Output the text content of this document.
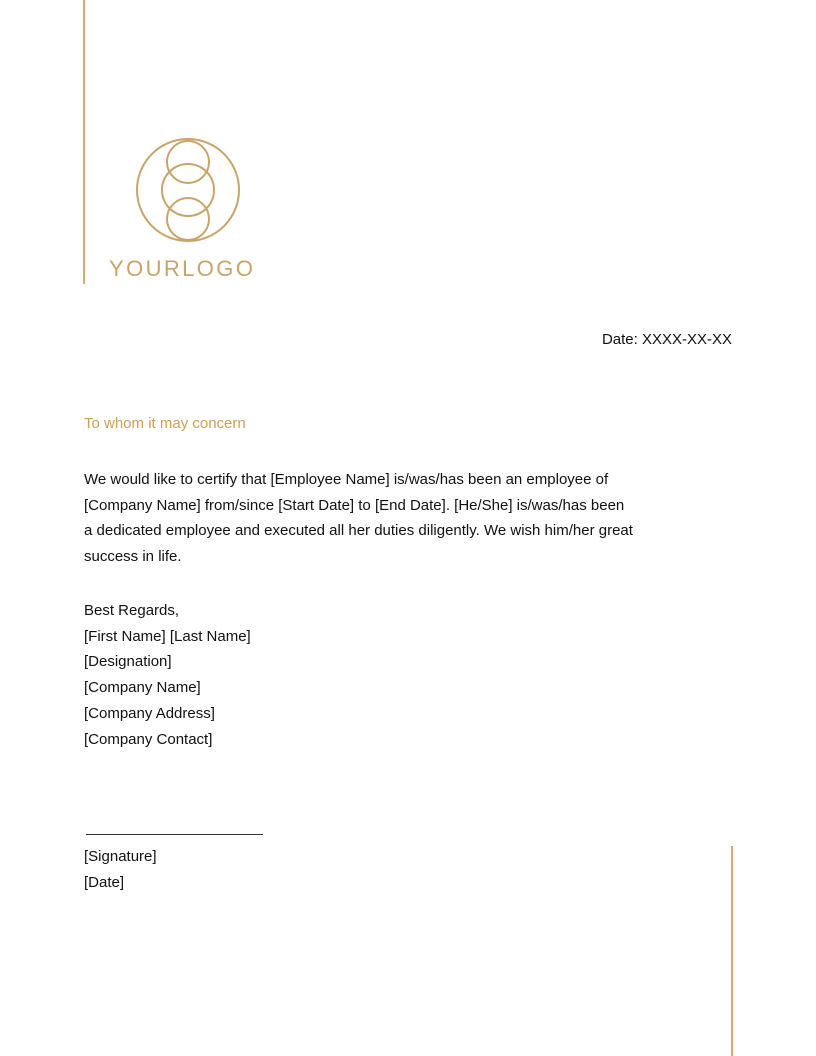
YOURLOGO
Date: XXXX-XX-XX
To whom it may concern
We would like to certify that [Employee Name] is/was/has been an employee of
[Company Name] from/since [Start Date] to [End Date]. [He/She] is/was/has been
a dedicated employee and executed all her duties diligently. We wish him/her great
success in life.
Best Regards,
[First Name] [Last Name]
[Designation]
[Company Name]
[Company Address]
[Company Contact]
[Signature]
[Date]
